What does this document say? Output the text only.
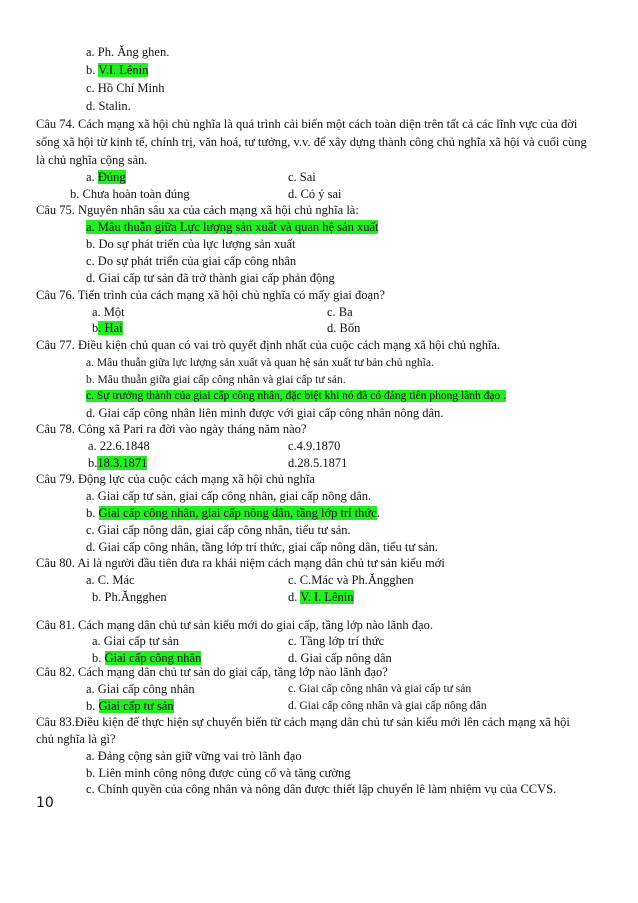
a. Ph. Ăng ghen.
b. V.I. Lênin
c. Hồ Chí Minh
d. Stalin.
Câu 74. Cách mạng xã hội chủ nghĩa là quá trình cải biến một cách toàn diện trên tất cả các lĩnh vực của đời
sống xã hội từ kinh tế, chính trị, văn hoá, tư tưởng, v.v. để xây dựng thành công chủ nghĩa xã hội và cuối cùng
là chủ nghĩa cộng sản.
a. Đúng	c. Sai
b. Chưa hoàn toàn đúng	d. Có ý sai
Câu 75. Nguyên nhân sâu xa của cách mạng xã hội chủ nghĩa là:
a. Mâu thuẫn giữa Lực lượng sản xuất và quan hệ sản xuất
b. Do sự phát triển của lực lượng sản xuất
c. Do sự phát triển của giai cấp công nhân
d. Giai cấp tư sản đã trở thành giai cấp phản động
Câu 76. Tiến trình của cách mạng xã hội chủ nghĩa có mấy giai đoạn?
a. Một	c. Ba
b. Hai	d. Bốn
Câu 77. Điều kiện chủ quan có vai trò quyết định nhất của cuộc cách mạng xã hội chủ nghĩa.
a. Mâu thuẫn giữa lực lượng sản xuất và quan hệ sản xuất tư bản chủ nghĩa.
b. Mâu thuẫn giữa giai cấp công nhân và giai cấp tư sản.
c. Sự trưởng thành của giai cấp công nhân, đặc biệt khi nó đã có đảng tiên phong lãnh đạo .
d. Giai cấp công nhân liên minh được với giai cấp công nhân nông dân.
Câu 78. Công xã Pari ra đời vào ngày tháng năm nào?
a. 22.6.1848	c.4.9.1870
b.18.3.1871	d.28.5.1871
Câu 79. Động lực của cuộc cách mạng xã hội chủ nghĩa
a. Giai cấp tư sản, giai cấp công nhân, giai cấp nông dân.
b. Giai cấp công nhân, giai cấp nông dân, tầng lớp trí thức.
c. Giai cấp nông dân, giai cấp công nhân, tiểu tư sản.
d. Giai cấp công nhân, tầng lớp trí thức, giai cấp nông dân, tiểu tư sản.
Câu 80. Ai là người đầu tiên đưa ra khái niệm cách mạng dân chủ tư sản kiểu mới
a. C. Mác	c. C.Mác và Ph.Ăngghen
b. Ph.Ăngghen	d. V. I. Lênin
Câu 81. Cách mạng dân chủ tư sản kiểu mới do giai cấp, tầng lớp nào lãnh đạo.
a. Giai cấp tư sản	c. Tầng lớp trí thức
b. Giai cấp công nhân	d. Giai cấp nông dân
Câu 82. Cách mạng dân chủ tư sản do giai cấp, tầng lớp nào lãnh đạo?
a. Giai cấp công nhân	c. Giai cấp công nhân và giai cấp tư sản
b. Giai cấp tư sản	d. Giai cấp công nhân và giai cấp nông dân
Câu 83.Điều kiện để thực hiện sự chuyển biến từ cách mạng dân chủ tư sản kiểu mới lên cách mạng xã hội
chủ nghĩa là gì?
a. Đảng cộng sản giữ vững vai trò lãnh đạo
b. Liên minh công nông được củng cố và tăng cường
c. Chính quyền của công nhân và nông dân được thiết lập chuyển lê làm nhiệm vụ của CCVS.
10
